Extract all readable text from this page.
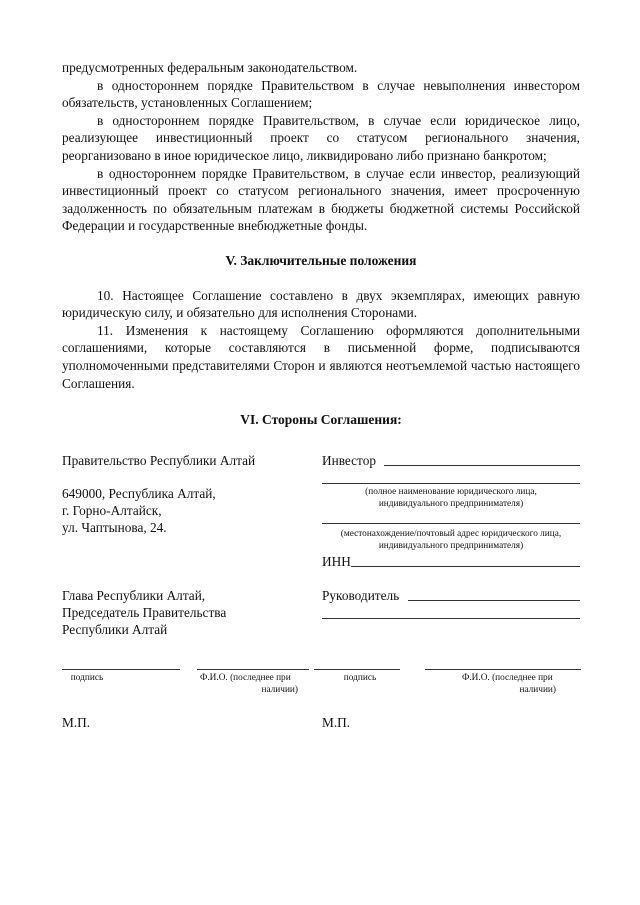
предусмотренных федеральным законодательством.

в одностороннем порядке Правительством в случае невыполнения инвестором обязательств, установленных Соглашением;

в одностороннем порядке Правительством, в случае если юридическое лицо, реализующее инвестиционный проект со статусом регионального значения, реорганизовано в иное юридическое лицо, ликвидировано либо признано банкротом;

в одностороннем порядке Правительством, в случае если инвестор, реализующий инвестиционный проект со статусом регионального значения, имеет просроченную задолженность по обязательным платежам в бюджеты бюджетной системы Российской Федерации и государственные внебюджетные фонды.

V. Заключительные положения

10. Настоящее Соглашение составлено в двух экземплярах, имеющих равную юридическую силу, и обязательно для исполнения Сторонами.

11. Изменения к настоящему Соглашению оформляются дополнительными соглашениями, которые составляются в письменной форме, подписываются уполномоченными представителями Сторон и являются неотъемлемой частью настоящего Соглашения.

VI. Стороны Соглашения:
Правительство Республики Алтай
649000, Республика Алтай,
г. Горно-Алтайск,
ул. Чаптынова, 24.
Глава Республики Алтай,
Председатель Правительства
Республики Алтай
подпись	Ф.И.О. (последнее при
наличии)
М.П.
Инвестор
(полное наименование юридического лица,
индивидуального предпринимателя)
(местонахождение/почтовый адрес юридического лица,
индивидуального предпринимателя)
ИНН
Руководитель
подпись	Ф.И.О. (последнее при
наличии)
М.П.
